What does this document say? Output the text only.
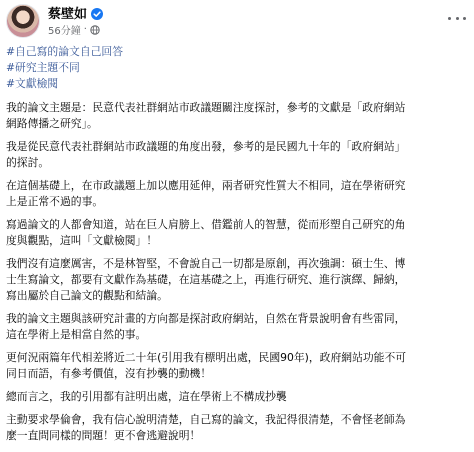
蔡壁如
56分鐘 ·
#自己寫的論文自己回答
#研究主題不同
#文獻檢閱

我的論文主題是：民意代表社群網站市政議題關注度探討，參考的文獻是「政府網站
網路傳播之研究」。

我是從民意代表社群網站市政議題的角度出發，參考的是民國九十年的「政府網站」
的探討。

在這個基礎上，在市政議題上加以應用延伸，兩者研究性質大不相同，這在學術研究
上是正常不過的事。

寫過論文的人都會知道，站在巨人肩膀上、借鑑前人的智慧，從而形塑自己研究的角
度與觀點，這叫「文獻檢閱」！

我們沒有這麼厲害，不是林智堅，不會說自己一切都是原創，再次強調：碩士生、博
士生寫論文，都要有文獻作為基礎，在這基礎之上，再進行研究、進行演繹、歸納，
寫出屬於自己論文的觀點和結論。

我的論文主題與該研究計畫的方向都是探討政府網站，自然在背景說明會有些雷同，
這在學術上是相當自然的事。

更何況兩篇年代相差將近二十年(引用我有標明出處，民國90年)，政府網站功能不可
同日而語，有參考價值，沒有抄襲的動機！

總而言之，我的引用都有註明出處，這在學術上不構成抄襲

主動要求學倫會，我有信心說明清楚，自己寫的論文，我記得很清楚，不會怪老師為
麼一直問同樣的問題！更不會逃避說明！
